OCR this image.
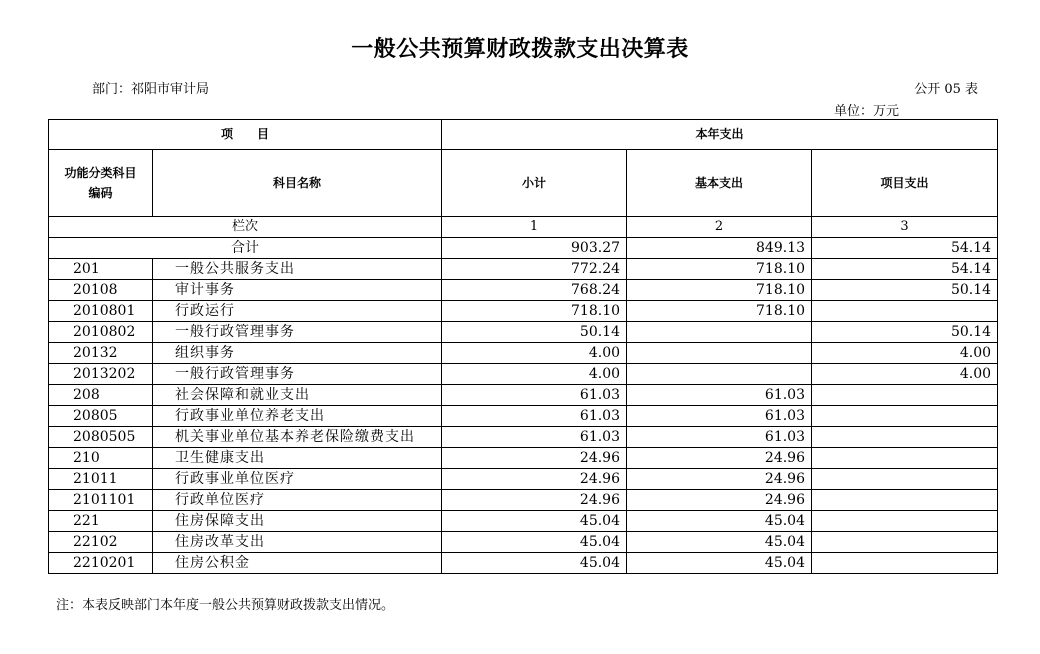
一般公共预算财政拨款支出决算表
部门：祁阳市审计局	公开 05 表
单位：万元
项　　目		本年支出		
功能分类科目编码	科目名称	小计	基本支出	项目支出
栏次		1	2	3
合计		903.27	849.13	54.14
201	一般公共服务支出	772.24	718.10	54.14
20108	审计事务	768.24	718.10	50.14
2010801	行政运行	718.10	718.10	
2010802	一般行政管理事务	50.14		50.14
20132	组织事务	4.00		4.00
2013202	一般行政管理事务	4.00		4.00
208	社会保障和就业支出	61.03	61.03	
20805	行政事业单位养老支出	61.03	61.03	
2080505	机关事业单位基本养老保险缴费支出	61.03	61.03	
210	卫生健康支出	24.96	24.96	
21011	行政事业单位医疗	24.96	24.96	
2101101	行政单位医疗	24.96	24.96	
221	住房保障支出	45.04	45.04	
22102	住房改革支出	45.04	45.04	
2210201	住房公积金	45.04	45.04	
注：本表反映部门本年度一般公共预算财政拨款支出情况。
